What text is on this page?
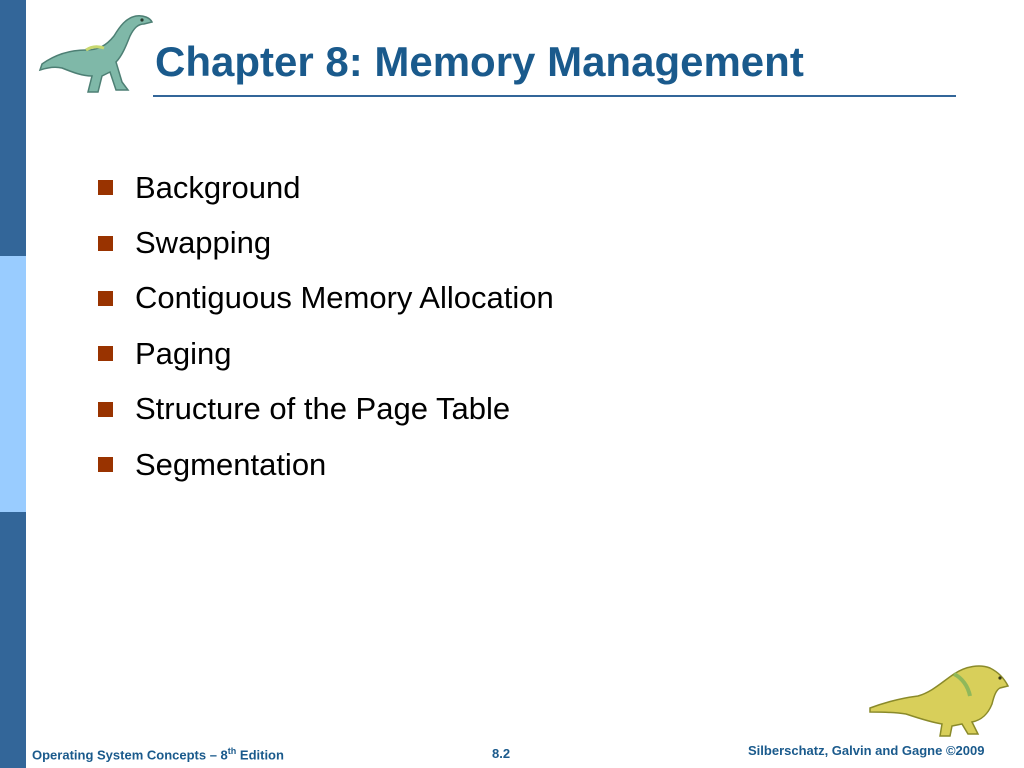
Chapter 8: Memory Management
Background
Swapping
Contiguous Memory Allocation
Paging
Structure of the Page Table
Segmentation
Operating System Concepts – 8th Edition	8.2	Silberschatz, Galvin and Gagne ©2009
